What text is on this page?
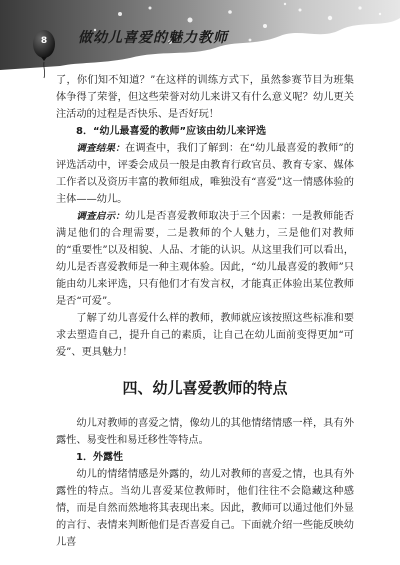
8	做幼儿喜爱的魅力教师

了，你们知不知道？”在这样的训练方式下，虽然参赛节目为班集体争得了荣誉，但这些荣誉对幼儿来讲又有什么意义呢？幼儿更关注活动的过程是否快乐、是否好玩！

8．“幼儿最喜爱的教师”应该由幼儿来评选

调查结果：在调查中，我们了解到：在“幼儿最喜爱的教师”的评选活动中，评委会成员一般是由教育行政官员、教育专家、媒体工作者以及资历丰富的教师组成，唯独没有“喜爱”这一情感体验的主体——幼儿。

调查启示：幼儿是否喜爱教师取决于三个因素：一是教师能否满足他们的合理需要，二是教师的个人魅力，三是他们对教师的“重要性”以及相貌、人品、才能的认识。从这里我们可以看出，幼儿是否喜爱教师是一种主观体验。因此，“幼儿最喜爱的教师”只能由幼儿来评选，只有他们才有发言权，才能真正体验出某位教师是否“可爱”。

了解了幼儿喜爱什么样的教师，教师就应该按照这些标准和要求去塑造自己，提升自己的素质，让自己在幼儿面前变得更加“可爱”、更具魅力！

四、幼儿喜爱教师的特点

幼儿对教师的喜爱之情，像幼儿的其他情绪情感一样，具有外露性、易变性和易迁移性等特点。

1．外露性

幼儿的情绪情感是外露的，幼儿对教师的喜爱之情，也具有外露性的特点。当幼儿喜爱某位教师时，他们往往不会隐藏这种感情，而是自然而然地将其表现出来。因此，教师可以通过他们外显的言行、表情来判断他们是否喜爱自己。下面就介绍一些能反映幼儿喜
